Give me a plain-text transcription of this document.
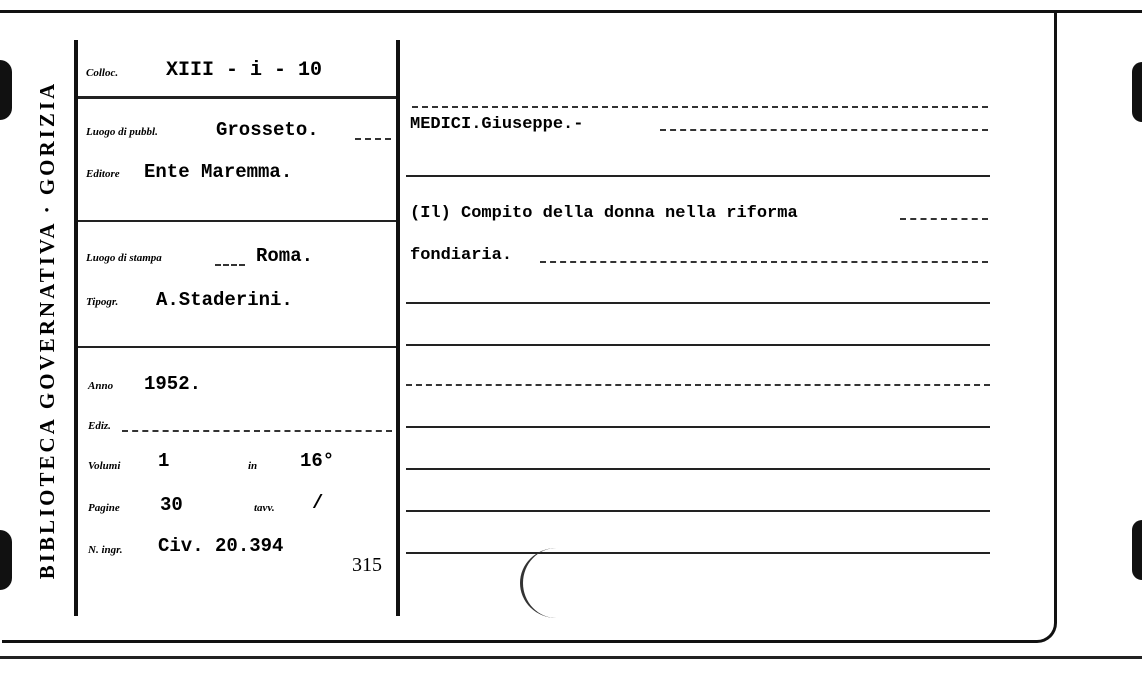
BIBLIOTECA GOVERNATIVA · GORIZIA
Colloc. XIII - i - 10
Luogo di pubbl.	Grosseto.
Editore Ente Maremma.
Luogo di stampa	Roma.
Tipogr. A.Staderini.
Anno 1952.
Ediz.
Volumi 1	in 16°
Pagine 30	tavv. /
N. ingr. Civ. 20.394
315
MEDICI.Giuseppe.-
(Il) Compito della donna nella riforma
fondiaria.
